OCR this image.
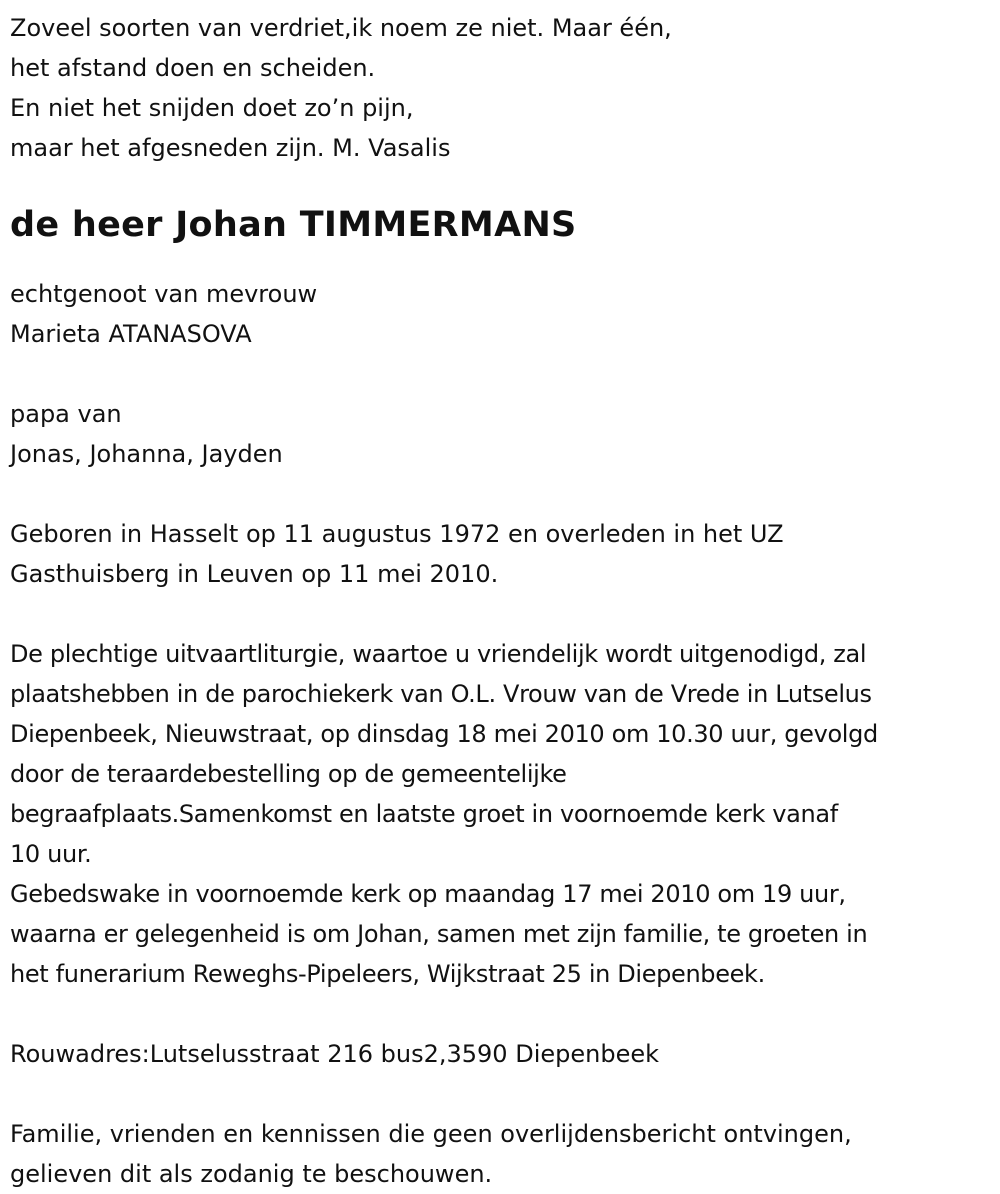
Zoveel soorten van verdriet,ik noem ze niet. Maar één,

het afstand doen en scheiden.

En niet het snijden doet zo’n pijn,

maar het afgesneden zijn. M. Vasalis

de heer Johan TIMMERMANS

echtgenoot van mevrouw

Marieta ATANASOVA

papa van

Jonas, Johanna, Jayden

Geboren in Hasselt op 11 augustus 1972 en overleden in het UZ

Gasthuisberg in Leuven op 11 mei 2010.

De plechtige uitvaartliturgie, waartoe u vriendelijk wordt uitgenodigd, zal

plaatshebben in de parochiekerk van O.L. Vrouw van de Vrede in Lutselus

Diepenbeek, Nieuwstraat, op dinsdag 18 mei 2010 om 10.30 uur, gevolgd

door de teraardebestelling op de gemeentelijke

begraafplaats.Samenkomst en laatste groet in voornoemde kerk vanaf

10 uur.

Gebedswake in voornoemde kerk op maandag 17 mei 2010 om 19 uur,

waarna er gelegenheid is om Johan, samen met zijn familie, te groeten in

het funerarium Reweghs-Pipeleers, Wijkstraat 25 in Diepenbeek.

Rouwadres:Lutselusstraat 216 bus2,3590 Diepenbeek

Familie, vrienden en kennissen die geen overlijdensbericht ontvingen,

gelieven dit als zodanig te beschouwen.
